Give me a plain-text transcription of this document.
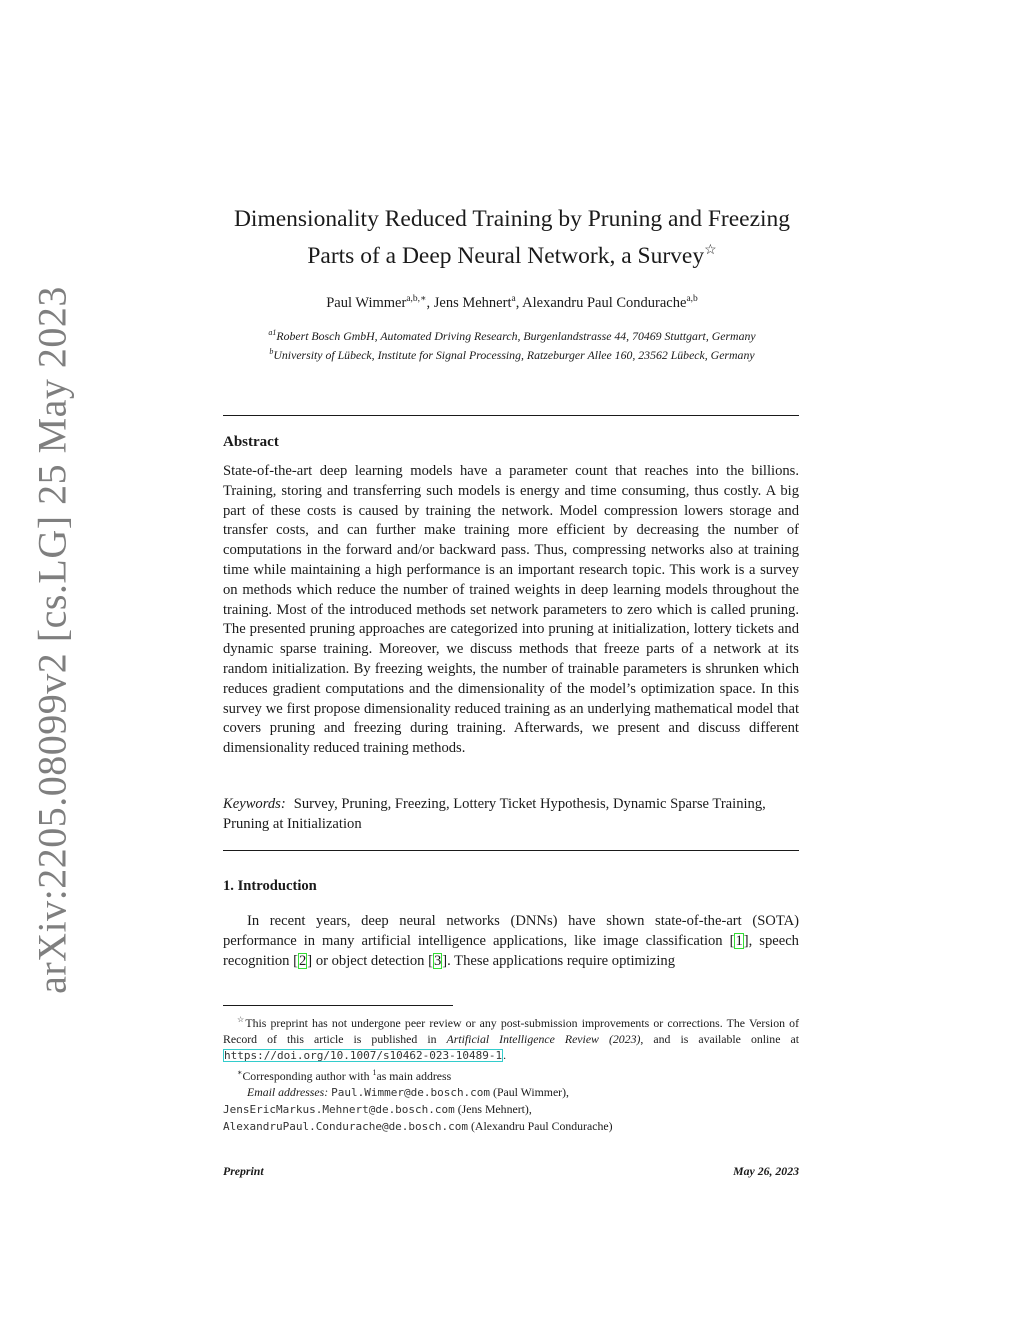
arXiv:2205.08099v2 [cs.LG] 25 May 2023
Dimensionality Reduced Training by Pruning and Freezing
Parts of a Deep Neural Network, a Survey☆
Paul Wimmer$^{a,b,∗}$, Jens Mehnert$^a$, Alexandru Paul Condurache$^{a,b}$
$^{a1}$Robert Bosch GmbH, Automated Driving Research, Burgenlandstrasse 44, 70469 Stuttgart, Germany
$^b$University of Lübeck, Institute for Signal Processing, Ratzeburger Allee 160, 23562 Lübeck, Germany
Abstract

State-of-the-art deep learning models have a parameter count that reaches into the billions. Training, storing and transferring such models is energy and time consuming, thus costly. A big part of these costs is caused by training the network. Model compression lowers storage and transfer costs, and can further make training more efficient by decreasing the number of computations in the forward and/or backward pass. Thus, compressing networks also at training time while maintaining a high performance is an important research topic. This work is a survey on methods which reduce the number of trained weights in deep learning models throughout the training. Most of the introduced methods set network parameters to zero which is called pruning. The presented pruning approaches are categorized into pruning at initialization, lottery tickets and dynamic sparse training. Moreover, we discuss methods that freeze parts of a network at its random initialization. By freezing weights, the number of trainable parameters is shrunken which reduces gradient computations and the dimensionality of the model’s optimization space. In this survey we first propose dimensionality reduced training as an underlying mathematical model that covers pruning and freezing during training. Afterwards, we present and discuss different dimensionality reduced training methods.

Keywords: Survey, Pruning, Freezing, Lottery Ticket Hypothesis, Dynamic Sparse Training, Pruning at Initialization

1. Introduction

In recent years, deep neural networks (DNNs) have shown state-of-the-art (SOTA) performance in many artificial intelligence applications, like image classification [1], speech recognition [2] or object detection [3]. These applications require optimizing

☆This preprint has not undergone peer review or any post-submission improvements or corrections. The Version of Record of this article is published in Artificial Intelligence Review (2023), and is available online at https://doi.org/10.1007/s10462-023-10489-1.

∗Corresponding author with $^1$as main address

Email addresses: Paul.Wimmer@de.bosch.com (Paul Wimmer),
JensEricMarkus.Mehnert@de.bosch.com (Jens Mehnert),
AlexandruPaul.Condurache@de.bosch.com (Alexandru Paul Condurache)

Preprint	May 26, 2023
